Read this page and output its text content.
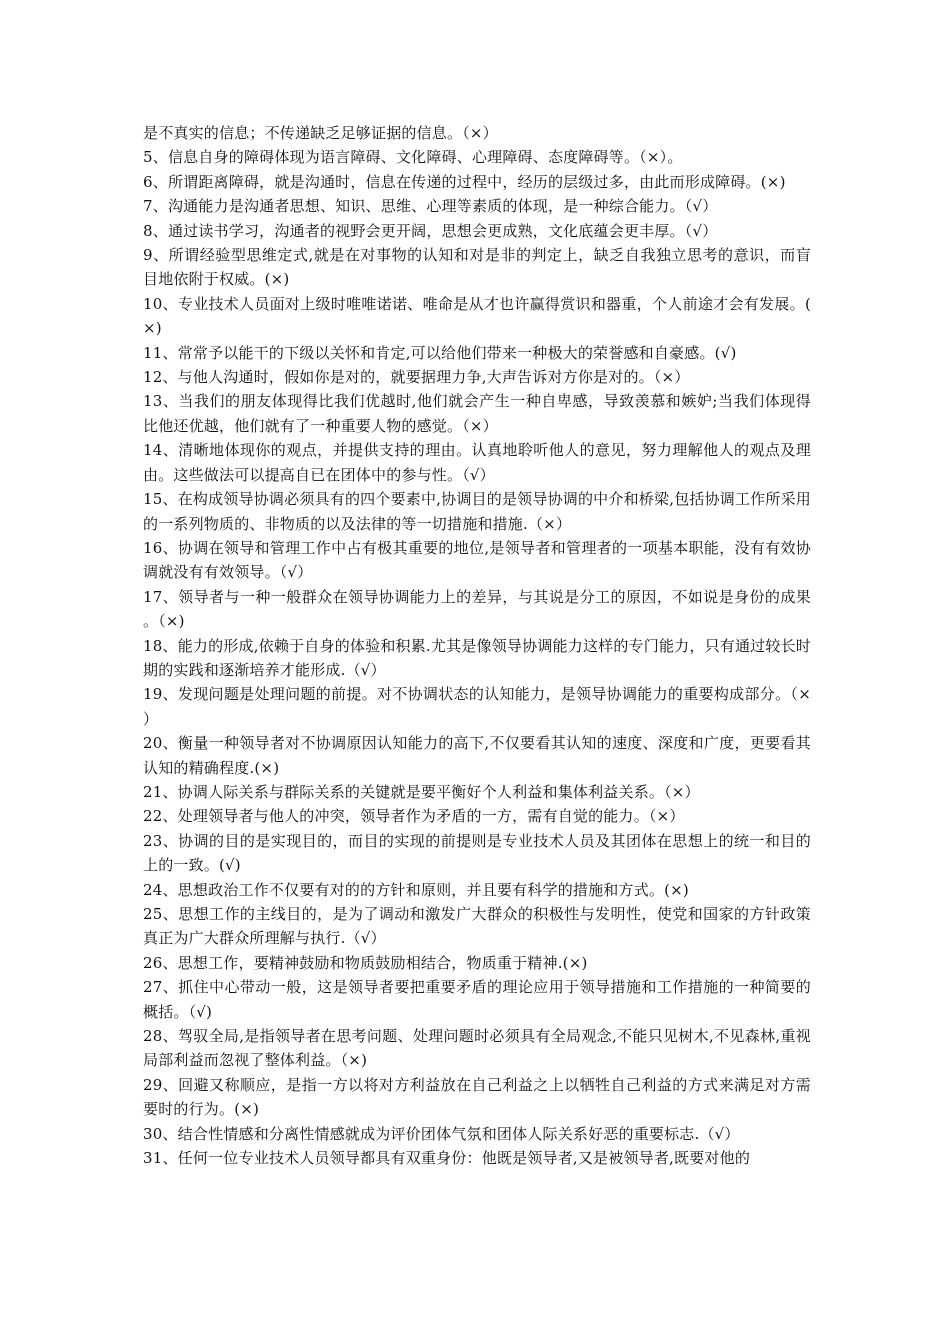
是不真实的信息；不传递缺乏足够证据的信息。（×）

5、信息自身的障碍体现为语言障碍、文化障碍、心理障碍、态度障碍等。（×）。

6、所谓距离障碍，就是沟通时，信息在传递的过程中，经历的层级过多，由此而形成障碍。(×)

7、沟通能力是沟通者思想、知识、思维、心理等素质的体现，是一种综合能力。（√）

8、通过读书学习，沟通者的视野会更开阔，思想会更成熟，文化底蕴会更丰厚。（√）

9、所谓经验型思维定式,就是在对事物的认知和对是非的判定上，缺乏自我独立思考的意识，而盲目地依附于权威。(×)

10、专业技术人员面对上级时唯唯诺诺、唯命是从才也许赢得赏识和器重，个人前途才会有发展。(×)

11、常常予以能干的下级以关怀和肯定,可以给他们带来一种极大的荣誉感和自豪感。(√)

12、与他人沟通时，假如你是对的，就要据理力争,大声告诉对方你是对的。（×）

13、当我们的朋友体现得比我们优越时,他们就会产生一种自卑感，导致羡慕和嫉妒;当我们体现得比他还优越，他们就有了一种重要人物的感觉。（×）

14、清晰地体现你的观点，并提供支持的理由。认真地聆听他人的意见，努力理解他人的观点及理由。这些做法可以提高自已在团体中的参与性。（√）

15、在构成领导协调必须具有的四个要素中,协调目的是领导协调的中介和桥梁,包括协调工作所采用的一系列物质的、非物质的以及法律的等一切措施和措施.（×）

16、协调在领导和管理工作中占有极其重要的地位,是领导者和管理者的一项基本职能，没有有效协调就没有有效领导。（√）

17、领导者与一种一般群众在领导协调能力上的差异，与其说是分工的原因，不如说是身份的成果。（×)

18、能力的形成,依赖于自身的体验和积累.尤其是像领导协调能力这样的专门能力，只有通过较长时期的实践和逐渐培养才能形成.（√）

19、发现问题是处理问题的前提。对不协调状态的认知能力，是领导协调能力的重要构成部分。（×）

20、衡量一种领导者对不协调原因认知能力的高下,不仅要看其认知的速度、深度和广度，更要看其认知的精确程度.(×)

21、协调人际关系与群际关系的关键就是要平衡好个人利益和集体利益关系。（×）

22、处理领导者与他人的冲突，领导者作为矛盾的一方，需有自觉的能力。（×）

23、协调的目的是实现目的，而目的实现的前提则是专业技术人员及其团体在思想上的统一和目的上的一致。(√)

24、思想政治工作不仅要有对的的方针和原则，并且要有科学的措施和方式。(×)

25、思想工作的主线目的，是为了调动和激发广大群众的积极性与发明性，使党和国家的方针政策真正为广大群众所理解与执行.（√）

26、思想工作，要精神鼓励和物质鼓励相结合，物质重于精神.(×)

27、抓住中心带动一般，这是领导者要把重要矛盾的理论应用于领导措施和工作措施的一种简要的概括。（√)

28、驾驭全局,是指领导者在思考问题、处理问题时必须具有全局观念,不能只见树木,不见森林,重视局部利益而忽视了整体利益。（×)

29、回避又称顺应，是指一方以将对方利益放在自己利益之上以牺牲自己利益的方式来满足对方需要时的行为。(×)

30、结合性情感和分离性情感就成为评价团体气氛和团体人际关系好恶的重要标志.（√）

31、任何一位专业技术人员领导都具有双重身份：他既是领导者,又是被领导者,既要对他的
